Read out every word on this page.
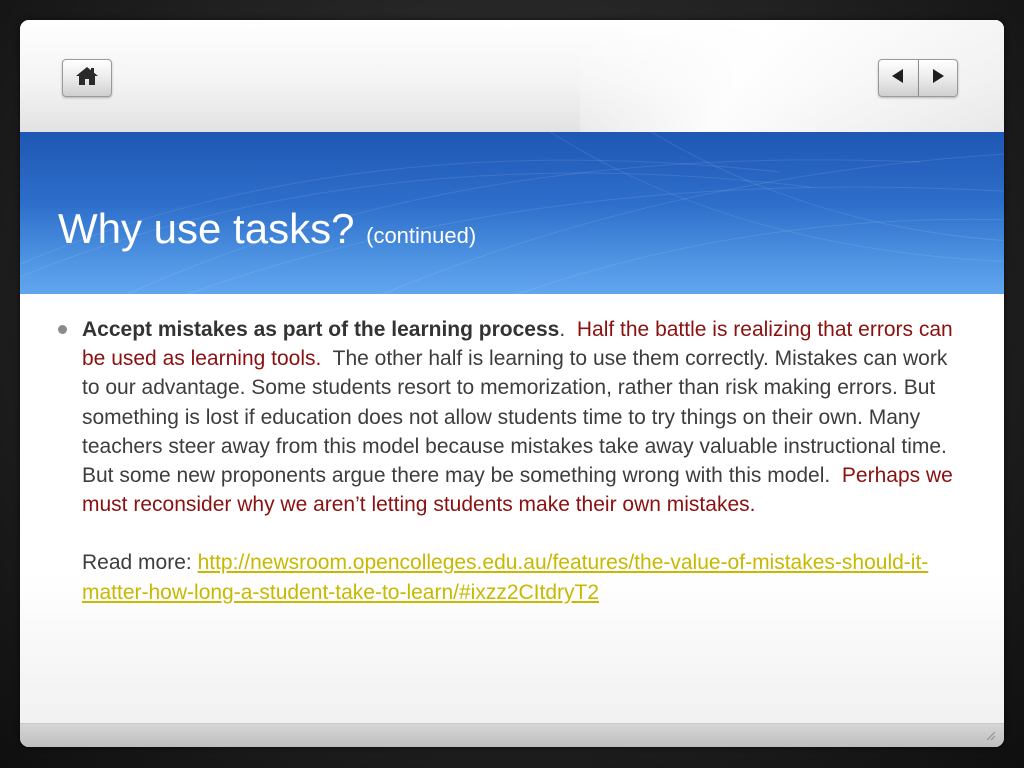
Why use tasks? (continued)
Accept mistakes as part of the learning process. Half the battle is realizing that errors can be used as learning tools. The other half is learning to use them correctly. Mistakes can work to our advantage. Some students resort to memorization, rather than risk making errors. But something is lost if education does not allow students time to try things on their own. Many teachers steer away from this model because mistakes take away valuable instructional time. But some new proponents argue there may be something wrong with this model. Perhaps we must reconsider why we aren’t letting students make their own mistakes.
Read more: http://newsroom.opencolleges.edu.au/features/the-value-of-mistakes-should-it-matter-how-long-a-student-take-to-learn/#ixzz2CItdryT2
